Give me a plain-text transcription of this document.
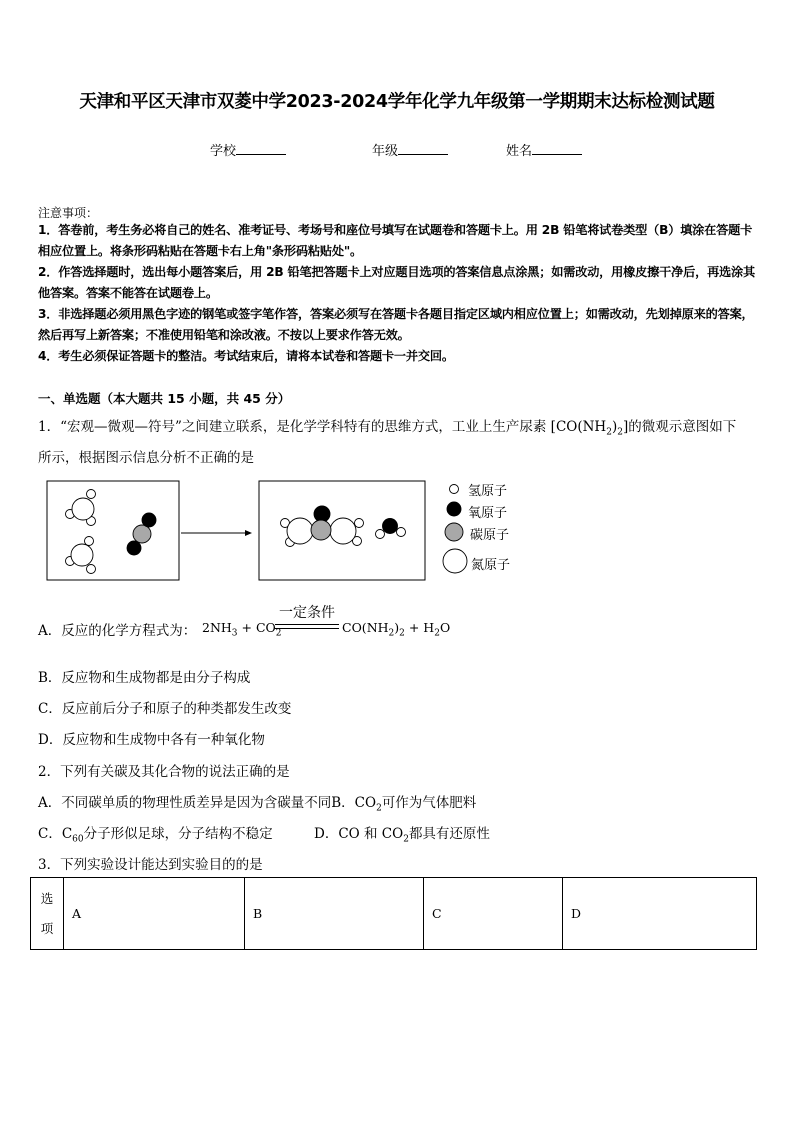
天津和平区天津市双菱中学2023-2024学年化学九年级第一学期期末达标检测试题
学校	年级	姓名
注意事项：
1．答卷前，考生务必将自己的姓名、准考证号、考场号和座位号填写在试题卷和答题卡上。用 2B 铅笔将试卷类型（B）填涂在答题卡相应位置上。将条形码粘贴在答题卡右上角"条形码粘贴处"。
2．作答选择题时，选出每小题答案后，用 2B 铅笔把答题卡上对应题目选项的答案信息点涂黑；如需改动，用橡皮擦干净后，再选涂其他答案。答案不能答在试题卷上。
3．非选择题必须用黑色字迹的钢笔或签字笔作答，答案必须写在答题卡各题目指定区域内相应位置上；如需改动，先划掉原来的答案，然后再写上新答案；不准使用铅笔和涂改液。不按以上要求作答无效。
4．考生必须保证答题卡的整洁。考试结束后，请将本试卷和答题卡一并交回。
一、单选题（本大题共 15 小题，共 45 分）
1．“宏观—微观—符号”之间建立联系，是化学学科特有的思维方式，工业上生产尿素 $[CO(NH_2)_2]$的微观示意图如下
所示，根据图示信息分析不正确的是
氢原子
氧原子
碳原子
氮原子
A．反应的化学方程式为： $2NH_3 + CO_2$
一定条件
$CO(NH_2)_2 + H_2O$
B．反应物和生成物都是由分子构成
C．反应前后分子和原子的种类都发生改变
D．反应物和生成物中各有一种氧化物
2．下列有关碳及其化合物的说法正确的是
A．不同碳单质的物理性质差异是因为含碳量不同B．$CO_2$可作为气体肥料
C．$C_{60}$分子形似足球，分子结构不稳定	D．CO 和 $CO_2$都具有还原性
3．下列实验设计能达到实验目的的是
选
项	A	B	C	D
